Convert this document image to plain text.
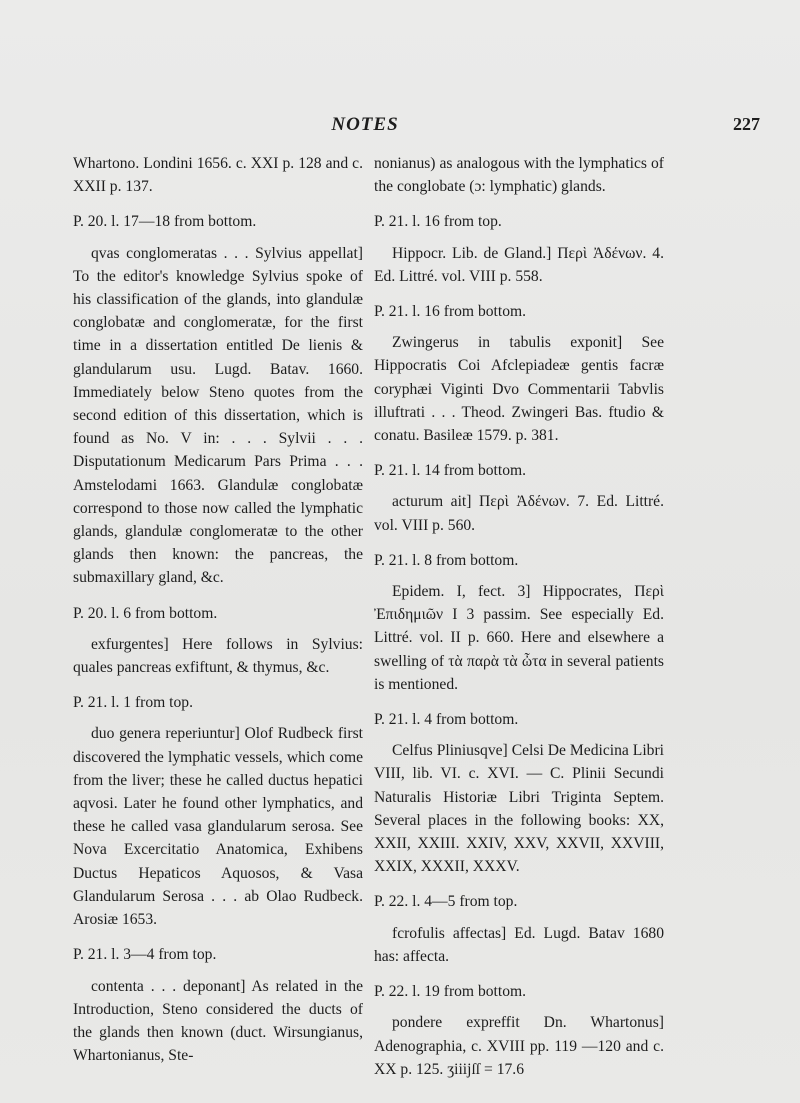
NOTES	227

Whartono. Londini 1656. c. XXI p. 128 and c. XXII p. 137.

P. 20. l. 17—18 from bottom.

qvas conglomeratas . . . Sylvius appellat] To the editor's knowledge Sylvius spoke of his classification of the glands, into glandulæ conglobatæ and conglomeratæ, for the first time in a dissertation entitled De lienis & glandularum usu. Lugd. Batav. 1660. Immediately below Steno quotes from the second edition of this dissertation, which is found as No. V in: . . . Sylvii . . . Disputationum Medicarum Pars Prima . . . Amstelodami 1663. Glandulæ conglobatæ correspond to those now called the lymphatic glands, glandulæ conglomeratæ to the other glands then known: the pancreas, the submaxillary gland, &c.

P. 20. l. 6 from bottom.

exfurgentes] Here follows in Sylvius: quales pancreas exfiftunt, & thymus, &c.

P. 21. l. 1 from top.

duo genera reperiuntur] Olof Rudbeck first discovered the lymphatic vessels, which come from the liver; these he called ductus hepatici aqvosi. Later he found other lymphatics, and these he called vasa glandularum serosa. See Nova Excercitatio Anatomica, Exhibens Ductus Hepaticos Aquosos, & Vasa Glandularum Serosa . . . ab Olao Rudbeck. Arosiæ 1653.

P. 21. l. 3—4 from top.

contenta . . . deponant] As related in the Introduction, Steno considered the ducts of the glands then known (duct. Wirsungianus, Whartonianus, Ste-

nonianus) as analogous with the lymphatics of the conglobate (ɔ: lymphatic) glands.

P. 21. l. 16 from top.

Hippocr. Lib. de Gland.] Περὶ Ἀδένων. 4. Ed. Littré. vol. VIII p. 558.

P. 21. l. 16 from bottom.

Zwingerus in tabulis exponit] See Hippocratis Coi Afclepiadeæ gentis facræ coryphæi Viginti Dvo Commentarii Tabvlis illuftrati . . . Theod. Zwingeri Bas. ftudio & conatu. Basileæ 1579. p. 381.

P. 21. l. 14 from bottom.

acturum ait] Περὶ Ἀδένων. 7. Ed. Littré. vol. VIII p. 560.

P. 21. l. 8 from bottom.

Epidem. I, fect. 3] Hippocrates, Περὶ Ἐπιδημιῶν I 3 passim. See especially Ed. Littré. vol. II p. 660. Here and elsewhere a swelling of τὰ παρὰ τὰ ὦτα in several patients is mentioned.

P. 21. l. 4 from bottom.

Celfus Pliniusqve] Celsi De Medicina Libri VIII, lib. VI. c. XVI. — C. Plinii Secundi Naturalis Historiæ Libri Triginta Septem. Several places in the following books: XX, XXII, XXIII. XXIV, XXV, XXVII, XXVIII, XXIX, XXXII, XXXV.

P. 22. l. 4—5 from top.

fcrofulis affectas] Ed. Lugd. Batav 1680 has: affecta.

P. 22. l. 19 from bottom.

pondere expreffit Dn. Whartonus] Adenographia, c. XVIII pp. 119 —120 and c. XX p. 125. ʒiiijſſ = 17.6
